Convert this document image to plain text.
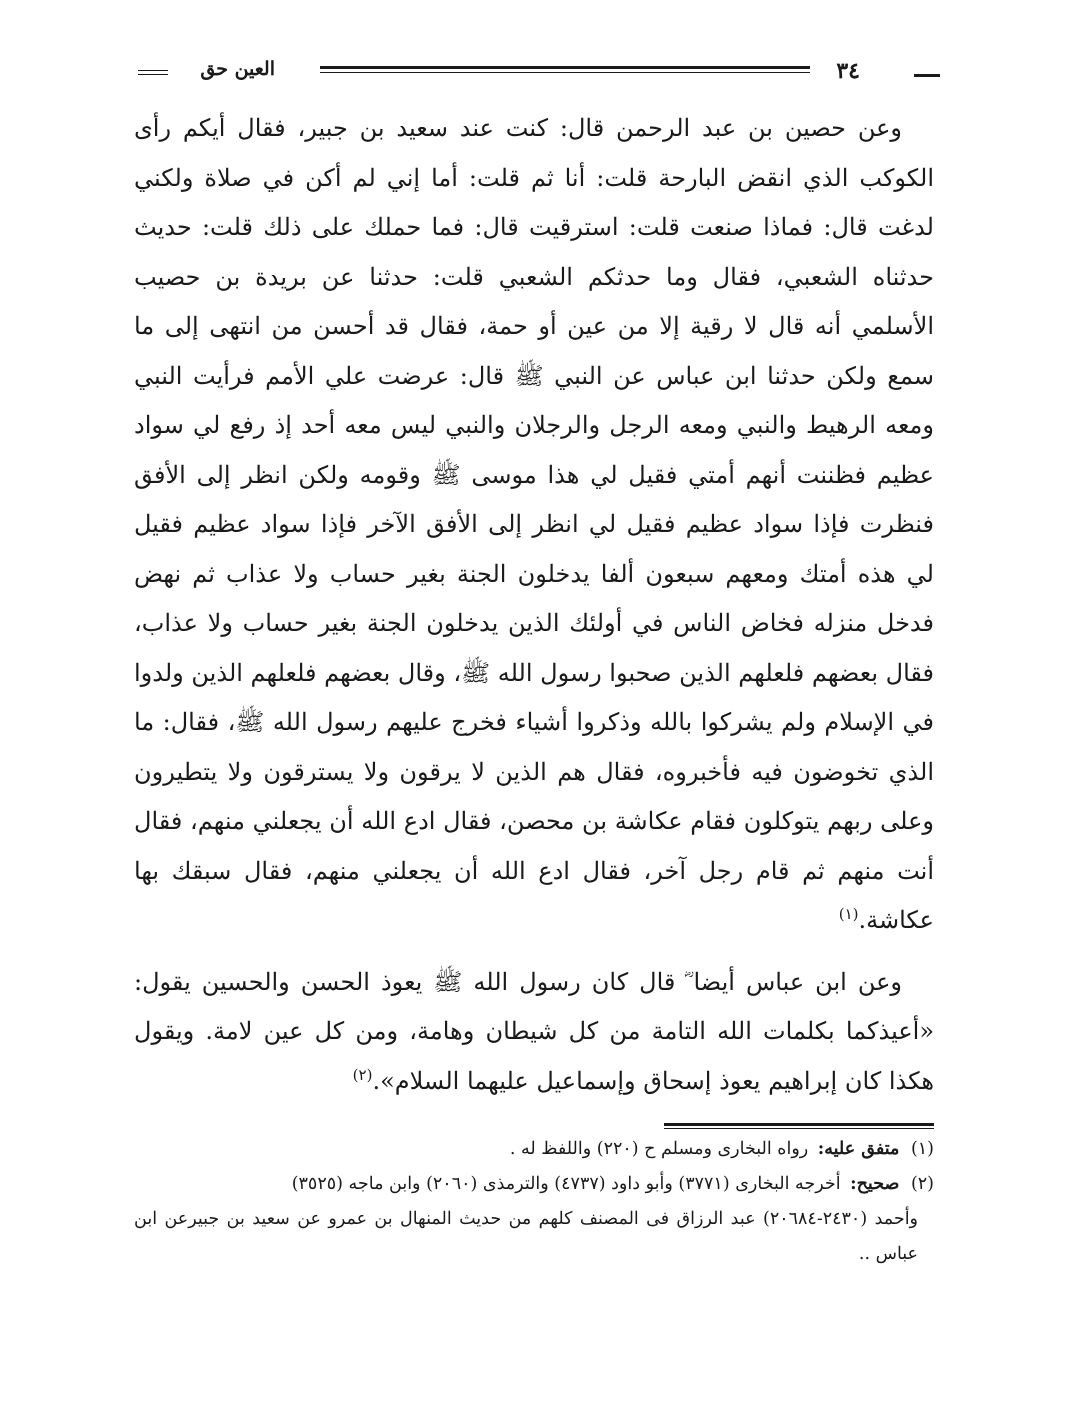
٣٤
العين حق

وعن حصين بن عبد الرحمن قال: كنت عند سعيد بن جبير، فقال أيكم رأى الكوكب الذي انقض البارحة قلت: أنا ثم قلت: أما إني لم أكن في صلاة ولكني لدغت قال: فماذا صنعت قلت: استرقيت قال: فما حملك على ذلك قلت: حديث حدثناه الشعبي، فقال وما حدثكم الشعبي قلت: حدثنا عن بريدة بن حصيب الأسلمي أنه قال لا رقية إلا من عين أو حمة، فقال قد أحسن من انتهى إلى ما سمع ولكن حدثنا ابن عباس عن النبي ﷺ قال: عرضت علي الأمم فرأيت النبي ومعه الرهيط والنبي ومعه الرجل والرجلان والنبي ليس معه أحد إذ رفع لي سواد عظيم فظننت أنهم أمتي فقيل لي هذا موسى ﷺ وقومه ولكن انظر إلى الأفق فنظرت فإذا سواد عظيم فقيل لي انظر إلى الأفق الآخر فإذا سواد عظيم فقيل لي هذه أمتك ومعهم سبعون ألفا يدخلون الجنة بغير حساب ولا عذاب ثم نهض فدخل منزله فخاض الناس في أولئك الذين يدخلون الجنة بغير حساب ولا عذاب، فقال بعضهم فلعلهم الذين صحبوا رسول الله ﷺ، وقال بعضهم فلعلهم الذين ولدوا في الإسلام ولم يشركوا بالله وذكروا أشياء فخرج عليهم رسول الله ﷺ، فقال: ما الذي تخوضون فيه فأخبروه، فقال هم الذين لا يرقون ولا يسترقون ولا يتطيرون وعلى ربهم يتوكلون فقام عكاشة بن محصن، فقال ادع الله أن يجعلني منهم، فقال أنت منهم ثم قام رجل آخر، فقال ادع الله أن يجعلني منهم، فقال سبقك بها عكاشة.$^{(١)}$

وعن ابن عباس أيضا ؓ قال كان رسول الله ﷺ يعوذ الحسن والحسين يقول: «أعيذكما بكلمات الله التامة من كل شيطان وهامة، ومن كل عين لامة. ويقول هكذا كان إبراهيم يعوذ إسحاق وإسماعيل عليهما السلام».$^{(٢)}$

(١) متفق عليه: رواه البخارى ومسلم ح (٢٢٠) واللفظ له .

(٢) صحيح: أخرجه البخارى (٣٧٧١) وأبو داود (٤٧٣٧) والترمذى (٢٠٦٠) وابن ماجه (٣٥٢٥)
وأحمد (٢٤٣٠-٢٠٦٨٤) عبد الرزاق فى المصنف كلهم من حديث المنهال بن عمرو عن سعيد بن جبيرعن ابن عباس ..
